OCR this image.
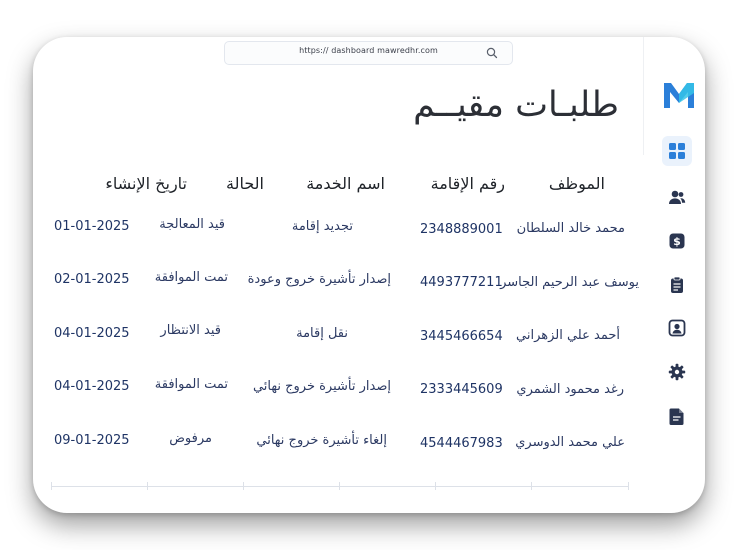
https:// dashboard mawredhr.com
$
طلبـات مقيــم
الموظف
رقم الإقامة
اسم الخدمة
الحالة
تاريخ الإنشاء
محمد خالد السلطان
2348889001
تجديد إقامة
قيد المعالجة
01-01-2025
يوسف عبد الرحيم الجاسر
4493777211
إصدار تأشيرة خروج وعودة
تمت الموافقة
02-01-2025
أحمد علي الزهراني
3445466654
نقل إقامة
قيد الانتظار
04-01-2025
رغد محمود الشمري
2333445609
إصدار تأشيرة خروج نهائي
تمت الموافقة
04-01-2025
علي محمد الدوسري
4544467983
إلغاء تأشيرة خروج نهائي
مرفوض
09-01-2025
